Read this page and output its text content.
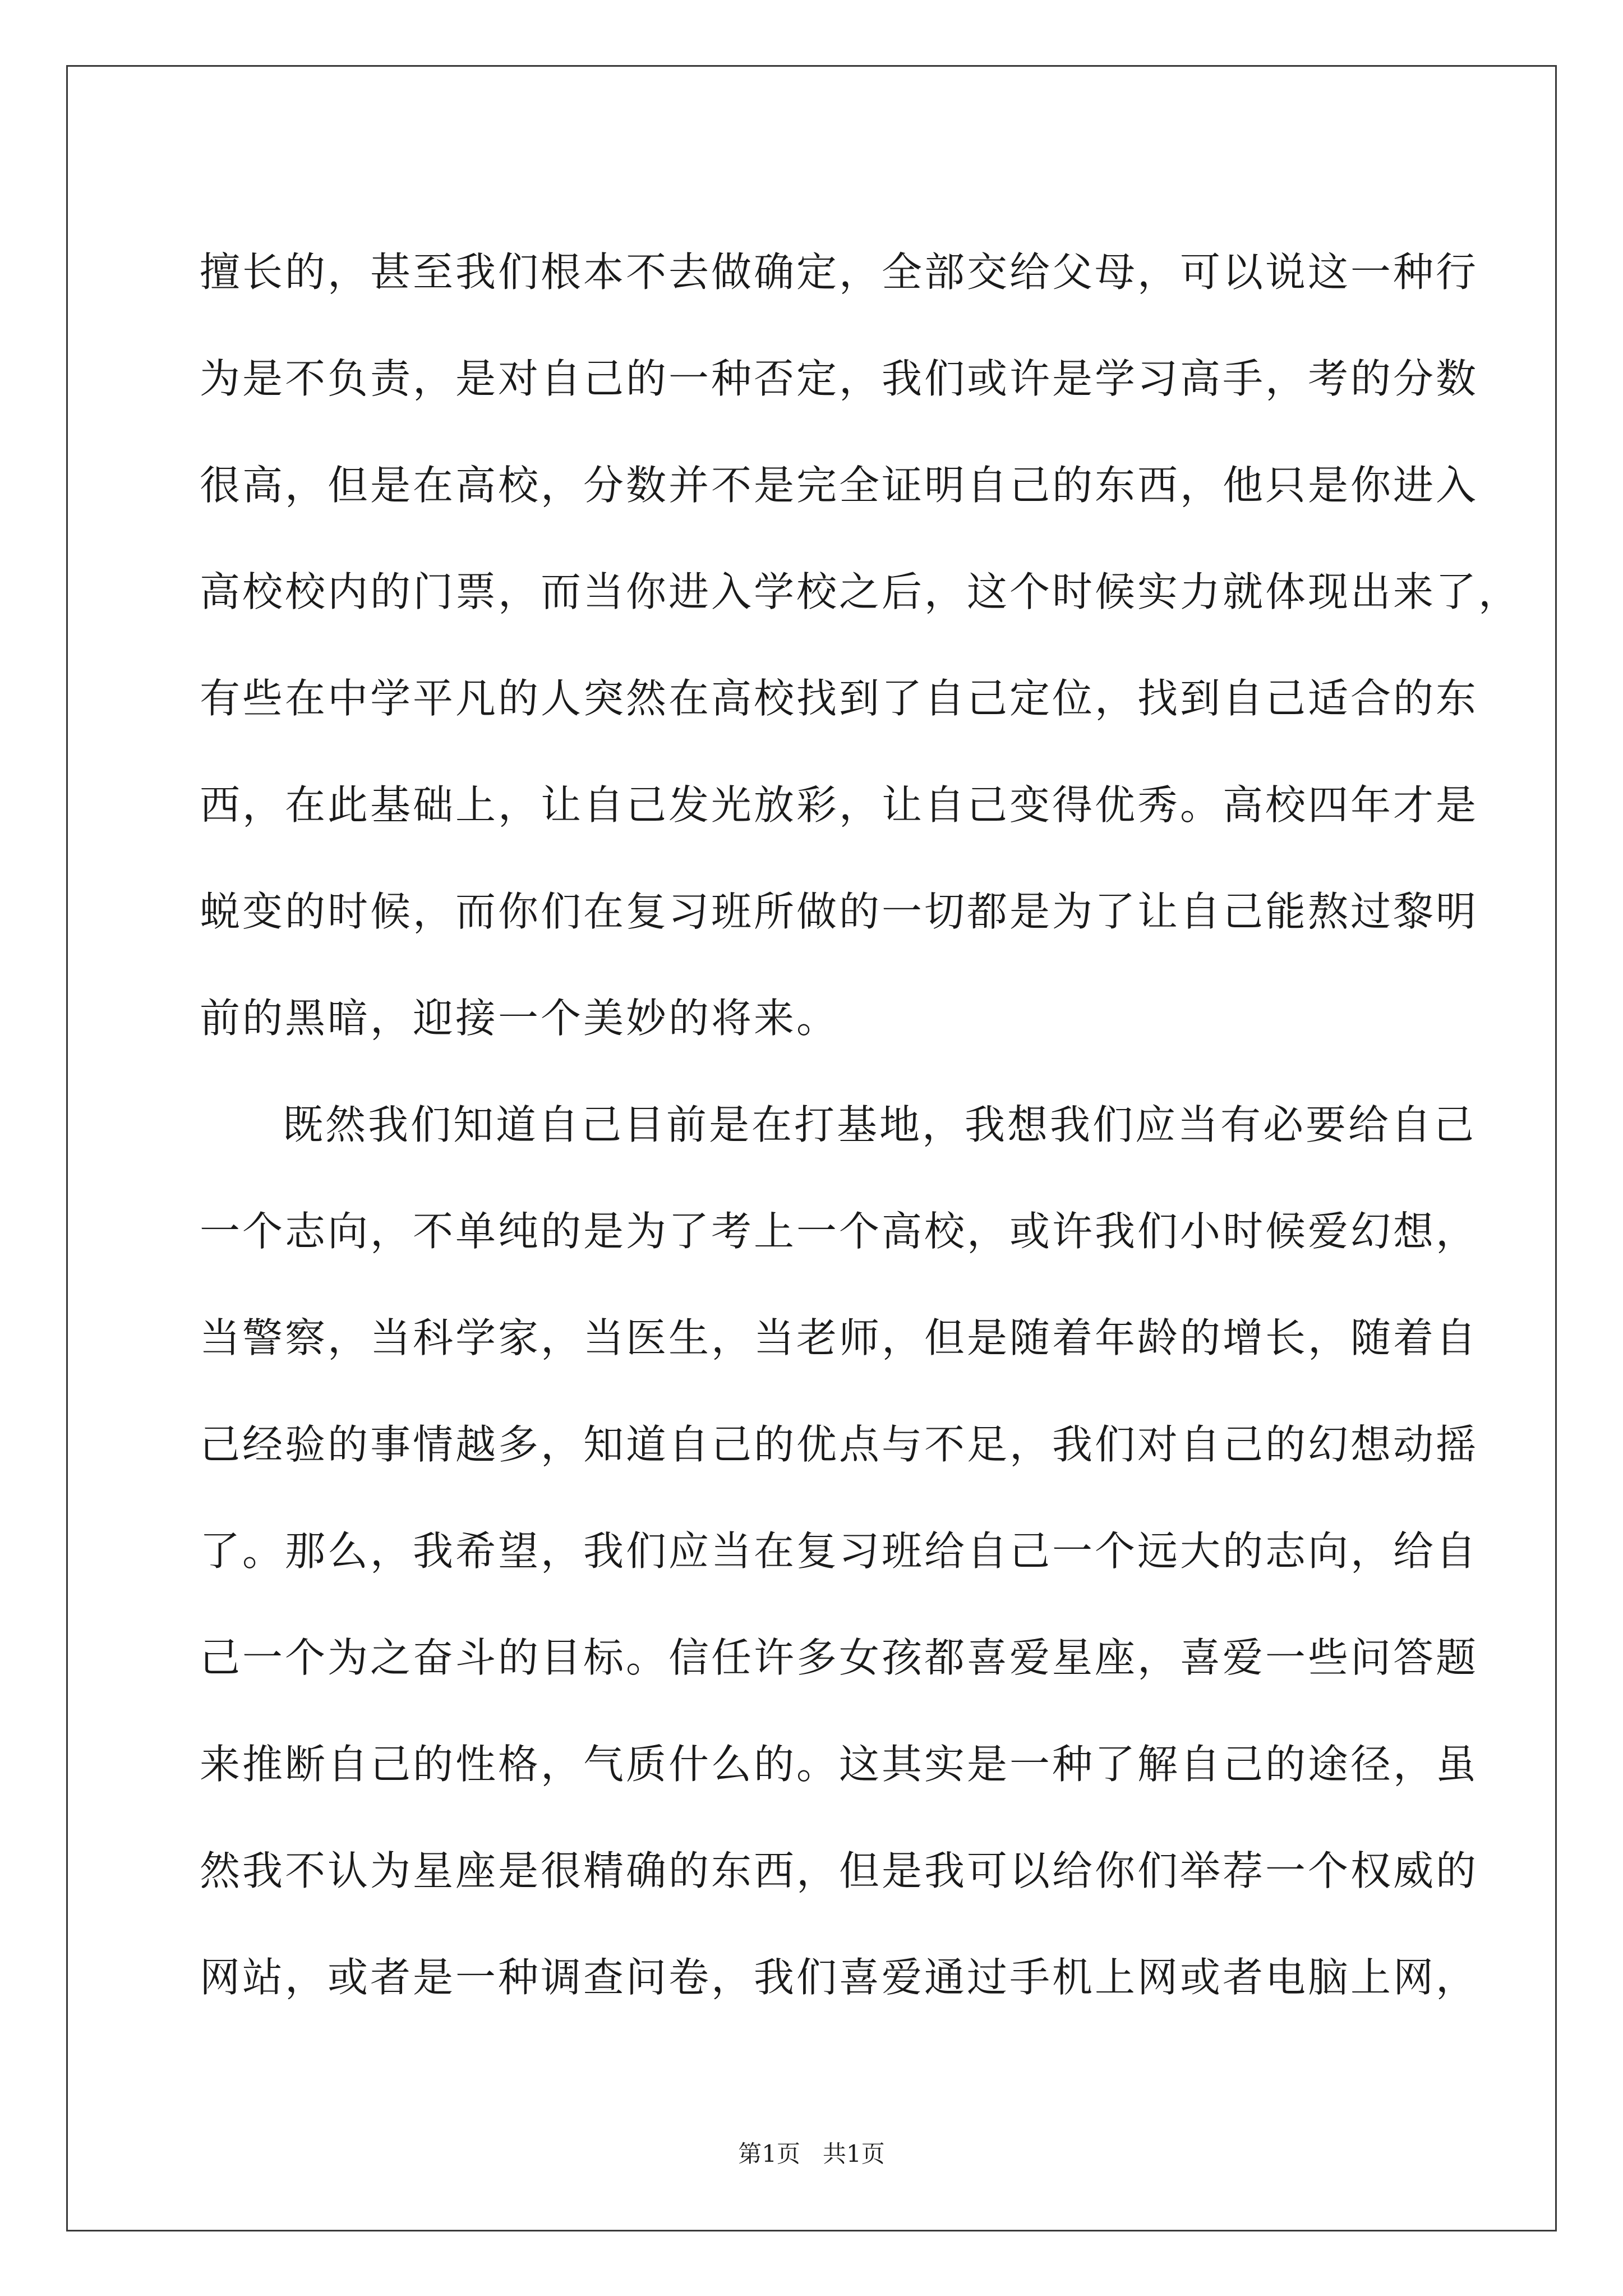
擅长的，甚至我们根本不去做确定，全部交给父母，可以说这一种行
为是不负责，是对自己的一种否定，我们或许是学习高手，考的分数
很高，但是在高校，分数并不是完全证明自己的东西，他只是你进入
高校校内的门票，而当你进入学校之后，这个时候实力就体现出来了，
有些在中学平凡的人突然在高校找到了自己定位，找到自己适合的东
西，在此基础上，让自己发光放彩，让自己变得优秀。高校四年才是
蜕变的时候，而你们在复习班所做的一切都是为了让自己能熬过黎明
前的黑暗，迎接一个美妙的将来。
既然我们知道自己目前是在打基地，我想我们应当有必要给自己
一个志向，不单纯的是为了考上一个高校，或许我们小时候爱幻想，
当警察，当科学家，当医生，当老师，但是随着年龄的增长，随着自
己经验的事情越多，知道自己的优点与不足，我们对自己的幻想动摇
了。那么，我希望，我们应当在复习班给自己一个远大的志向，给自
己一个为之奋斗的目标。信任许多女孩都喜爱星座，喜爱一些问答题
来推断自己的性格，气质什么的。这其实是一种了解自己的途径，虽
然我不认为星座是很精确的东西，但是我可以给你们举荐一个权威的
网站，或者是一种调查问卷，我们喜爱通过手机上网或者电脑上网，
第1页   共1页
